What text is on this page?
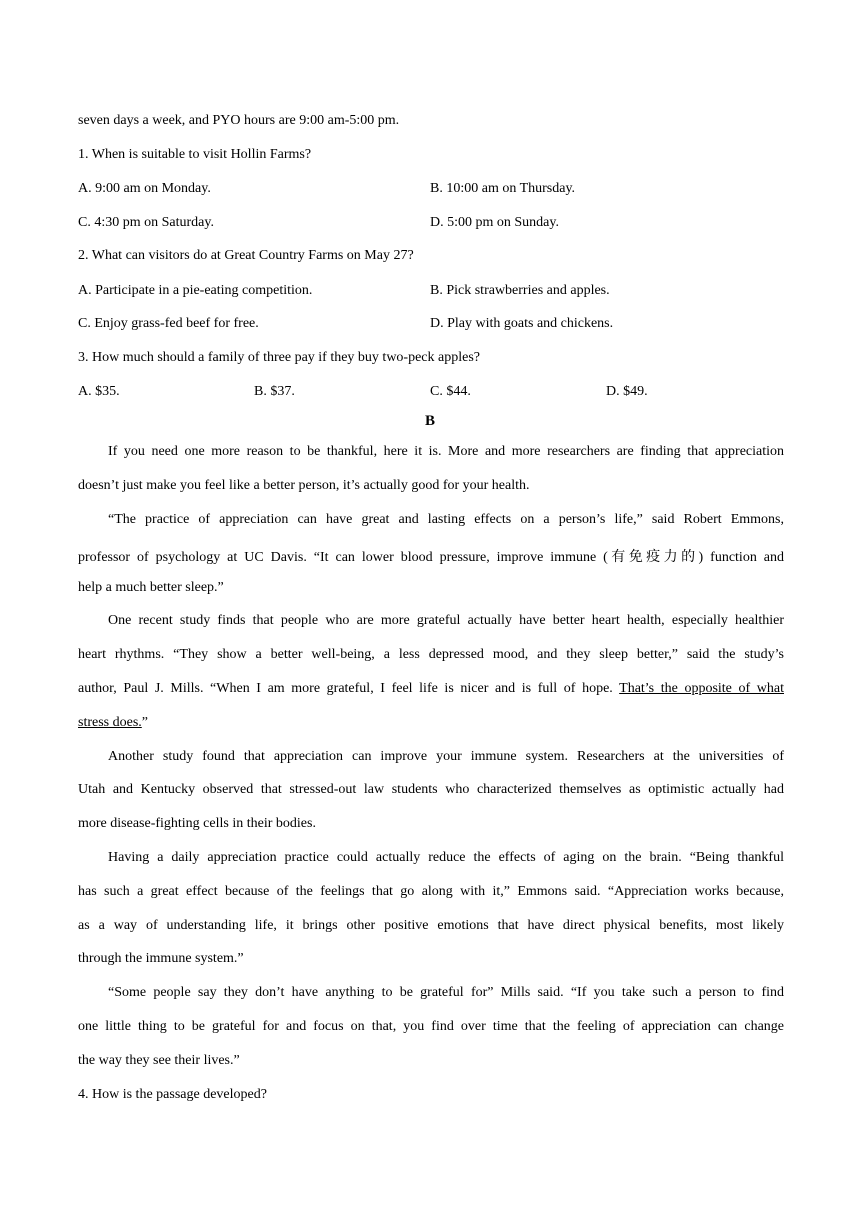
seven days a week, and PYO hours are 9:00 am-5:00 pm.
1. When is suitable to visit Hollin Farms?
A. 9:00 am on Monday.	B. 10:00 am on Thursday.
C. 4:30 pm on Saturday.	D. 5:00 pm on Sunday.
2. What can visitors do at Great Country Farms on May 27?
A. Participate in a pie-eating competition.	B. Pick strawberries and apples.
C. Enjoy grass-fed beef for free.	D. Play with goats and chickens.
3. How much should a family of three pay if they buy two-peck apples?
A. $35.	B. $37.	C. $44.	D. $49.
B
If you need one more reason to be thankful, here it is. More and more researchers are finding that appreciation
doesn’t just make you feel like a better person, it’s actually good for your health.
“The practice of appreciation can have great and lasting effects on a person’s life,” said Robert Emmons,
professor of psychology at UC Davis. “It can lower blood pressure, improve immune (有免疫力的) function and
help a much better sleep.”
One recent study finds that people who are more grateful actually have better heart health, especially healthier
heart rhythms. “They show a better well-being, a less depressed mood, and they sleep better,” said the study’s
author, Paul J. Mills. “When I am more grateful, I feel life is nicer and is full of hope. That’s the opposite of what
stress does.”
Another study found that appreciation can improve your immune system. Researchers at the universities of
Utah and Kentucky observed that stressed-out law students who characterized themselves as optimistic actually had
more disease-fighting cells in their bodies.
Having a daily appreciation practice could actually reduce the effects of aging on the brain. “Being thankful
has such a great effect because of the feelings that go along with it,” Emmons said. “Appreciation works because,
as a way of understanding life, it brings other positive emotions that have direct physical benefits, most likely
through the immune system.”
“Some people say they don’t have anything to be grateful for” Mills said. “If you take such a person to find
one little thing to be grateful for and focus on that, you find over time that the feeling of appreciation can change
the way they see their lives.”
4. How is the passage developed?
